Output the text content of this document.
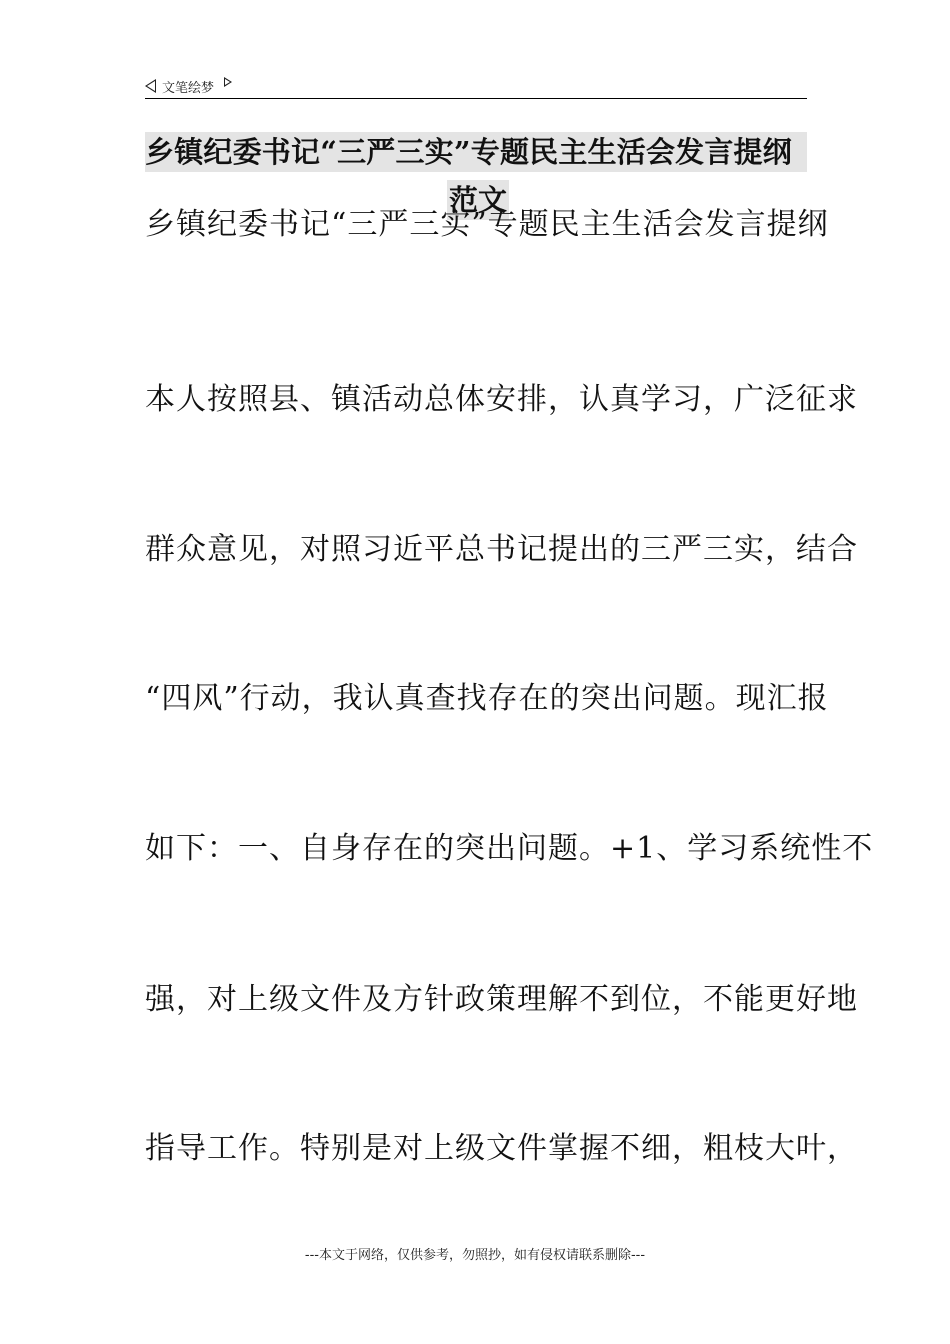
文笔绘梦
乡镇纪委书记“三严三实”专题民主生活会发言提纲
范文
乡镇纪委书记“三严三实”专题民主生活会发言提纲
本人按照县、镇活动总体安排，认真学习，广泛征求
群众意见，对照习近平总书记提出的三严三实，结合
“四风”行动，我认真查找存在的突出问题。现汇报
如下：一、自身存在的突出问题。+1、学习系统性不
强，对上级文件及方针政策理解不到位，不能更好地
指导工作。特别是对上级文件掌握不细，粗枝大叶，
---本文于网络，仅供参考，勿照抄，如有侵权请联系删除---
